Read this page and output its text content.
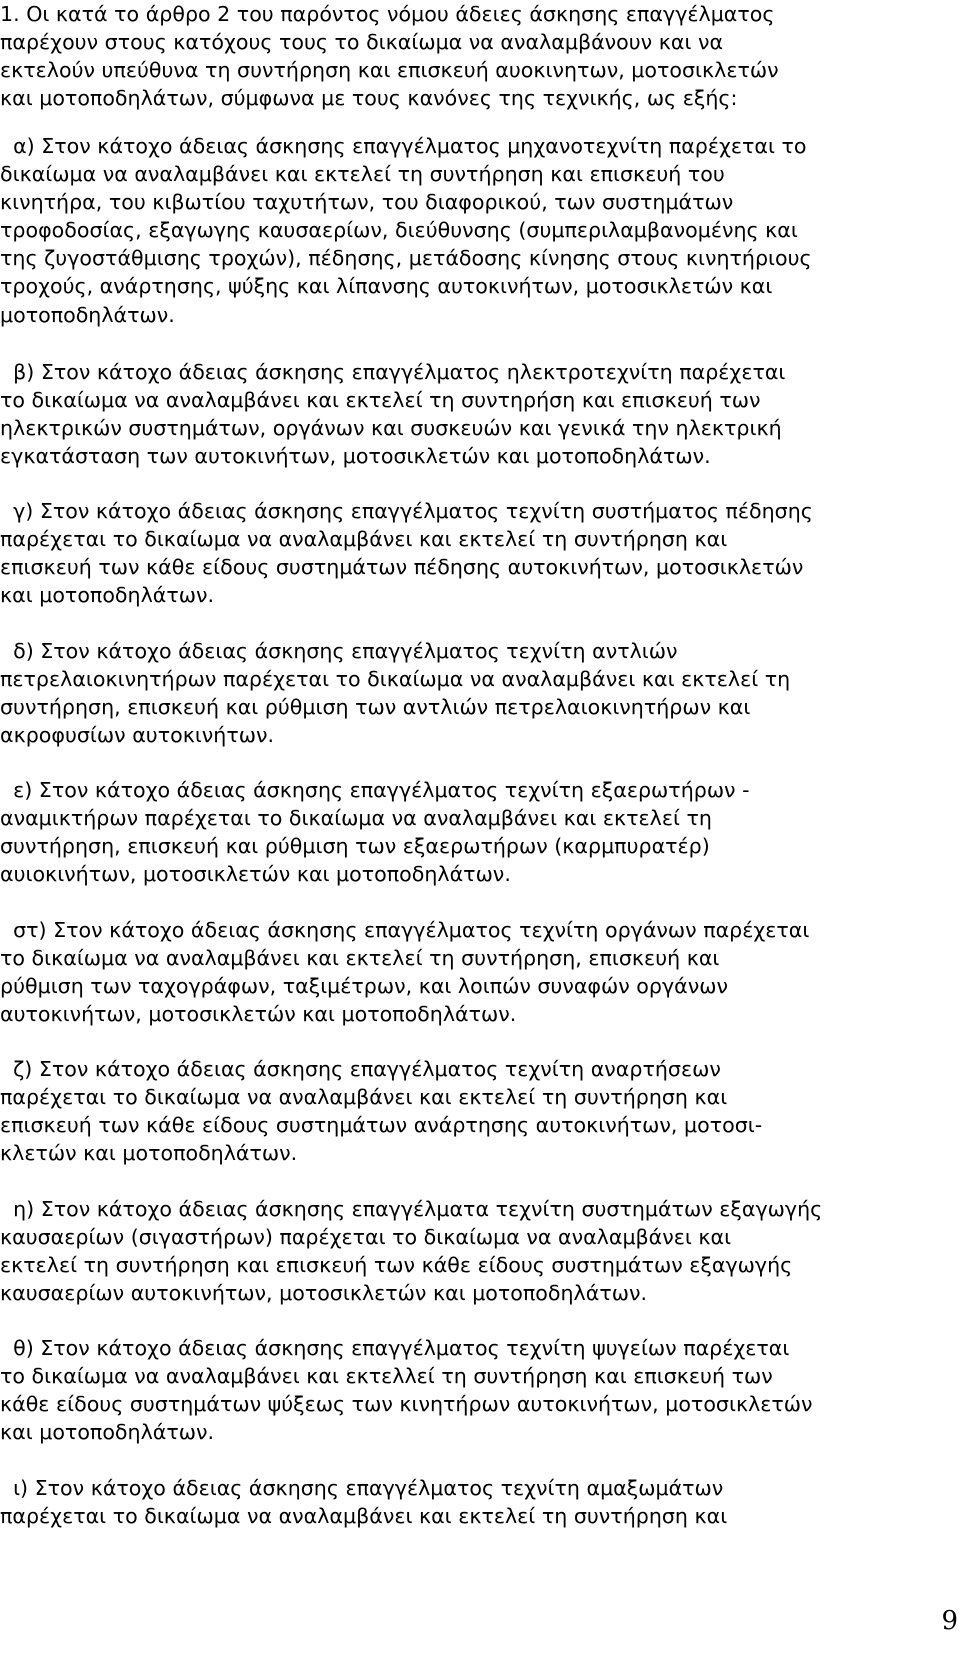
1. Οι κατά το άρθρο 2 του παρόντος νόμου άδειες άσκησης επαγγέλματος
παρέχουν στους κατόχους τους το δικαίωμα να αναλαμβάνουν και να
εκτελούν υπεύθυνα τη συντήρηση και επισκευή αυοκινητων, μοτοσικλετών
και μοτοποδηλάτων, σύμφωνα με τους κανόνες της τεχνικής, ως εξής:

α) Στον κάτοχο άδειας άσκησης επαγγέλματος μηχανοτεχνίτη παρέχεται το
δικαίωμα να αναλαμβάνει και εκτελεί τη συντήρηση και επισκευή του
κινητήρα, του κιβωτίου ταχυτήτων, του διαφορικού, των συστημάτων
τροφοδοσίας, εξαγωγης καυσαερίων, διεύθυνσης (συμπεριλαμβανομένης και
της ζυγοστάθμισης τροχών), πέδησης, μετάδοσης κίνησης στους κινητήριους
τροχούς, ανάρτησης, ψύξης και λίπανσης αυτοκινήτων, μοτοσικλετών και
μοτοποδηλάτων.

β) Στον κάτοχο άδειας άσκησης επαγγέλματος ηλεκτροτεχνίτη παρέχεται
το δικαίωμα να αναλαμβάνει και εκτελεί τη συντηρήση και επισκευή των
ηλεκτρικών συστημάτων, οργάνων και συσκευών και γενικά την ηλεκτρική
εγκατάσταση των αυτοκινήτων, μοτοσικλετών και μοτοποδηλάτων.

γ) Στον κάτοχο άδειας άσκησης επαγγέλματος τεχνίτη συστήματος πέδησης
παρέχεται το δικαίωμα να αναλαμβάνει και εκτελεί τη συντήρηση και
επισκευή των κάθε είδους συστημάτων πέδησης αυτοκινήτων, μοτοσικλετών
και μοτοποδηλάτων.

δ) Στον κάτοχο άδειας άσκησης επαγγέλματος τεχνίτη αντλιών
πετρελαιοκινητήρων παρέχεται το δικαίωμα να αναλαμβάνει και εκτελεί τη
συντήρηση, επισκευή και ρύθμιση των αντλιών πετρελαιοκινητήρων και
ακροφυσίων αυτοκινήτων.

ε) Στον κάτοχο άδειας άσκησης επαγγέλματος τεχνίτη εξαερωτήρων -
αναμικτήρων παρέχεται το δικαίωμα να αναλαμβάνει και εκτελεί τη
συντήρηση, επισκευή και ρύθμιση των εξαερωτήρων (καρμπυρατέρ)
αυιοκινήτων, μοτοσικλετών και μοτοποδηλάτων.

στ) Στον κάτοχο άδειας άσκησης επαγγέλματος τεχνίτη οργάνων παρέχεται
το δικαίωμα να αναλαμβάνει και εκτελεί τη συντήρηση, επισκευή και
ρύθμιση των ταχογράφων, ταξιμέτρων, και λοιπών συναφών οργάνων
αυτοκινήτων, μοτοσικλετών και μοτοποδηλάτων.

ζ) Στον κάτοχο άδειας άσκησης επαγγέλματος τεχνίτη αναρτήσεων
παρέχεται το δικαίωμα να αναλαμβάνει και εκτελεί τη συντήρηση και
επισκευή των κάθε είδους συστημάτων ανάρτησης αυτοκινήτων, μοτοσι-
κλετών και μοτοποδηλάτων.

η) Στον κάτοχο άδειας άσκησης επαγγέλματα τεχνίτη συστημάτων εξαγωγής
καυσαερίων (σιγαστήρων) παρέχεται το δικαίωμα να αναλαμβάνει και
εκτελεί τη συντήρηση και επισκευή των κάθε είδους συστημάτων εξαγωγής
καυσαερίων αυτοκινήτων, μοτοσικλετών και μοτοποδηλάτων.

θ) Στον κάτοχο άδειας άσκησης επαγγέλματος τεχνίτη ψυγείων παρέχεται
το δικαίωμα να αναλαμβάνει και εκτελλεί τη συντήρηση και επισκευή των
κάθε είδους συστημάτων ψύξεως των κινητήρων αυτοκινήτων, μοτοσικλετών
και μοτοποδηλάτων.

ι) Στον κάτοχο άδειας άσκησης επαγγέλματος τεχνίτη αμαξωμάτων
παρέχεται το δικαίωμα να αναλαμβάνει και εκτελεί τη συντήρηση και

9
